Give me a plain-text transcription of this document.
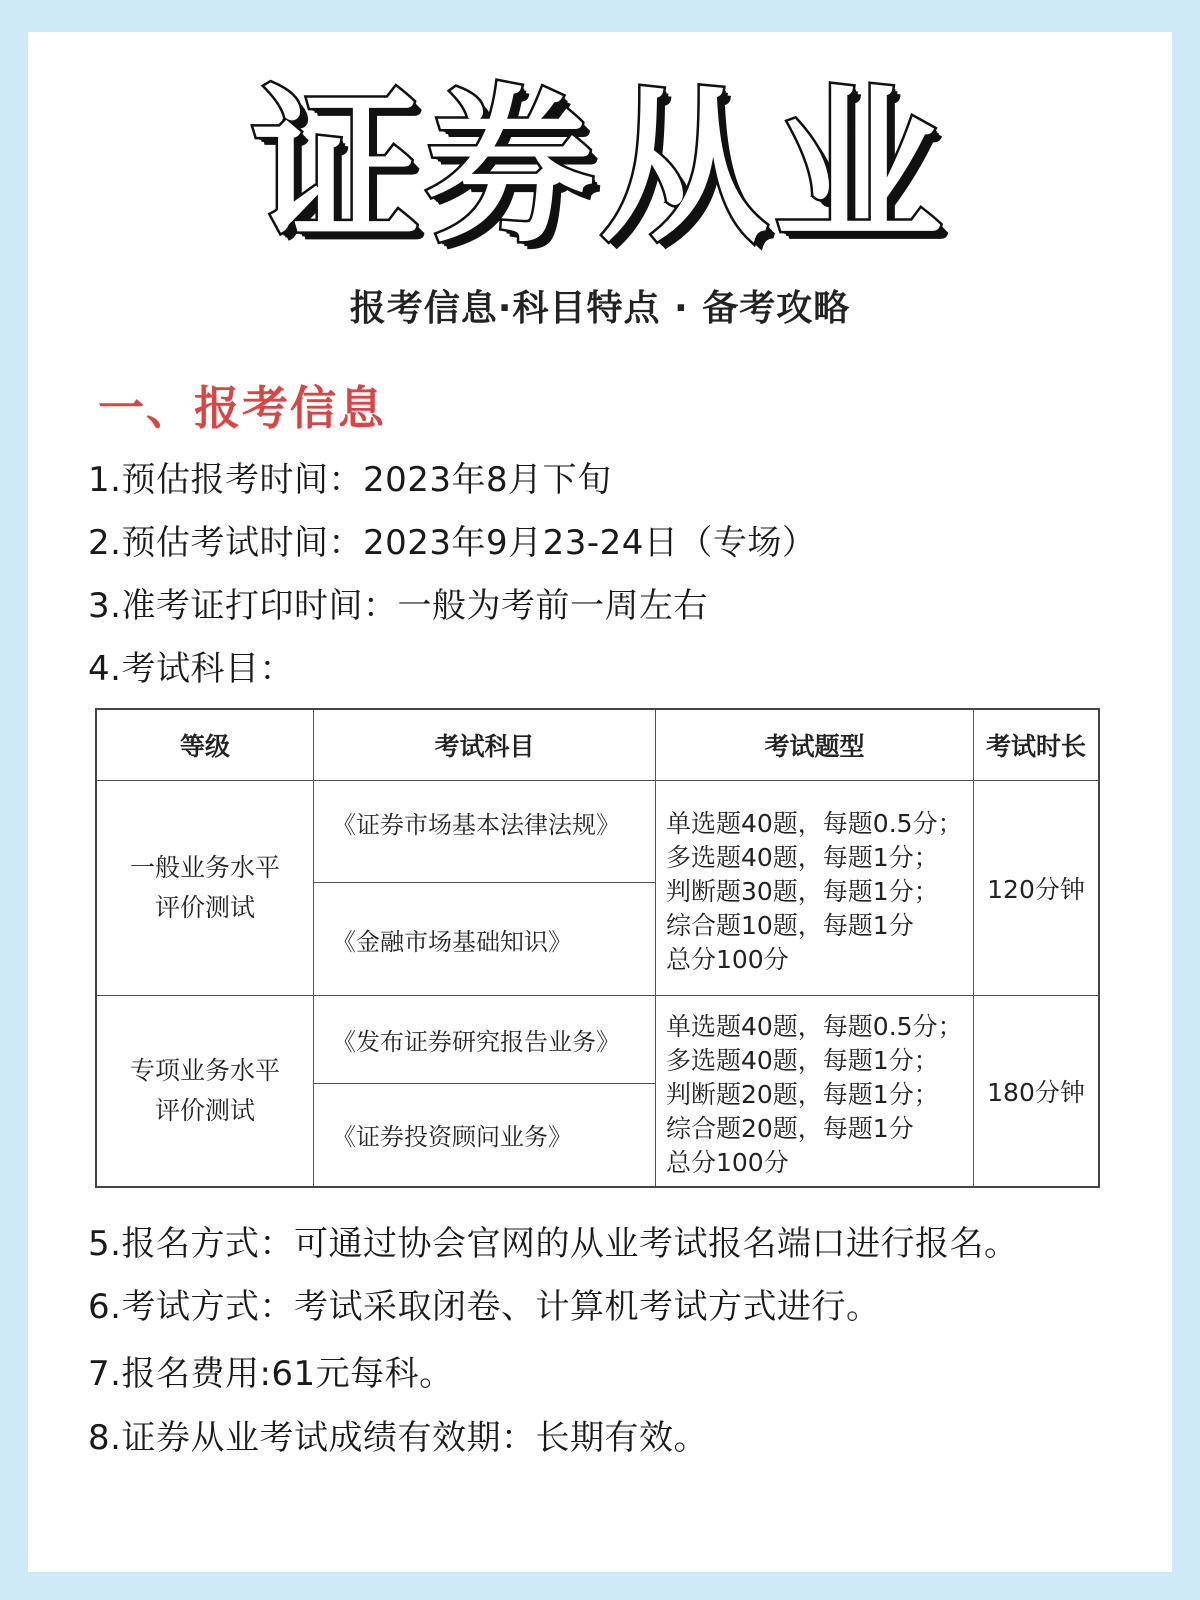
证券从业
报考信息·科目特点 · 备考攻略
一、报考信息
1.预估报考时间：2023年8月下旬
2.预估考试时间：2023年9月23-24日（专场）
3.准考证打印时间：一般为考前一周左右
4.考试科目：
等级	考试科目	考试题型	考试时长

一般业务水平
评价测试	《证券市场基本法律法规》	单选题40题，每题0.5分；
多选题40题，每题1分；
判断题30题，每题1分；
综合题10题，每题1分
总分100分	120分钟
	《金融市场基础知识》		

专项业务水平
评价测试	《发布证券研究报告业务》	单选题40题，每题0.5分；
多选题40题，每题1分；
判断题20题，每题1分；
综合题20题，每题1分
总分100分	180分钟
	《证券投资顾问业务》		
5.报名方式：可通过协会官网的从业考试报名端口进行报名。
6.考试方式：考试采取闭卷、计算机考试方式进行。
7.报名费用:61元每科。
8.证券从业考试成绩有效期：长期有效。
